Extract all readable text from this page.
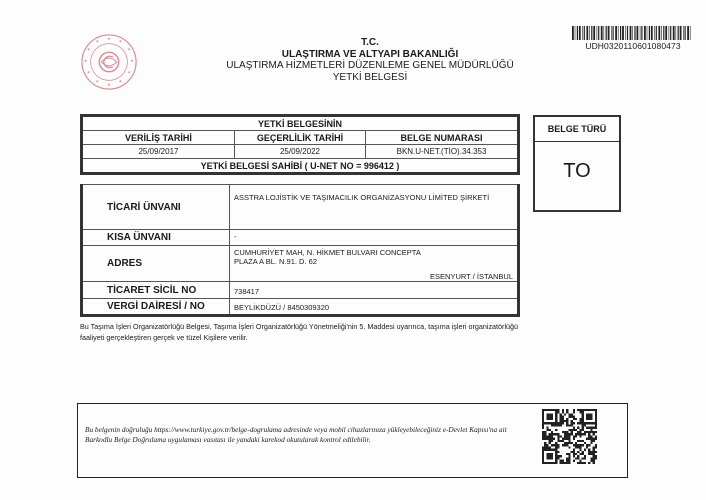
★
★
★
★
★
★
★
★
★
★
★
★	T.C.
ULAŞTIRMA VE ALTYAPI BAKANLIĞI
ULAŞTIRMA HİZMETLERİ DÜZENLEME GENEL MÜDÜRLÜĞÜ
YETKİ BELGESİ
UDH03201106010804​73
YETKİ BELGESİNİN		
VERİLİŞ TARİHİ	GEÇERLİLİK TARİHİ	BELGE NUMARASI
25/09/2017	25/09/2022	BKN.U-NET.(TİO).34.353
YETKİ BELGESİ SAHİBİ ( U-NET NO = 996412 )		
TİCARİ ÜNVANI	ASSTRA LOJİSTİK VE TAŞIMACILIK ORGANİZASYONU LİMİTED ŞİRKETİ
KISA ÜNVANI	-
ADRES	CUMHURİYET MAH, N. HİKMET BULVARI CONCEPTA
PLAZA A BL. N.91. D. 62
ESENYURT / İSTANBUL

TİCARET SİCİL NO	738417
VERGİ DAİRESİ / NO	BEYLİKDÜZÜ / 8450309320
BELGE TÜRÜ
TO
Bu Taşıma İşleri Organizatörlüğü Belgesi, Taşıma İşleri Organizatörlüğü Yönetmeliği'nin 5. Maddesi uyarınca, taşıma işleri organizatörlüğü faaliyeti gerçekleştiren gerçek ve tüzel Kişilere verilir.
Bu belgenin doğruluğu https://www.turkiye.gov.tr/belge-dogrulama adresinde veya mobil cihazlarınıza yükleyebileceğiniz e-Devlet Kapısı'na ait Barkodlu Belge Doğrulama uygulaması vasıtası ile yandaki karekod okutularak kontrol edilebilir.
